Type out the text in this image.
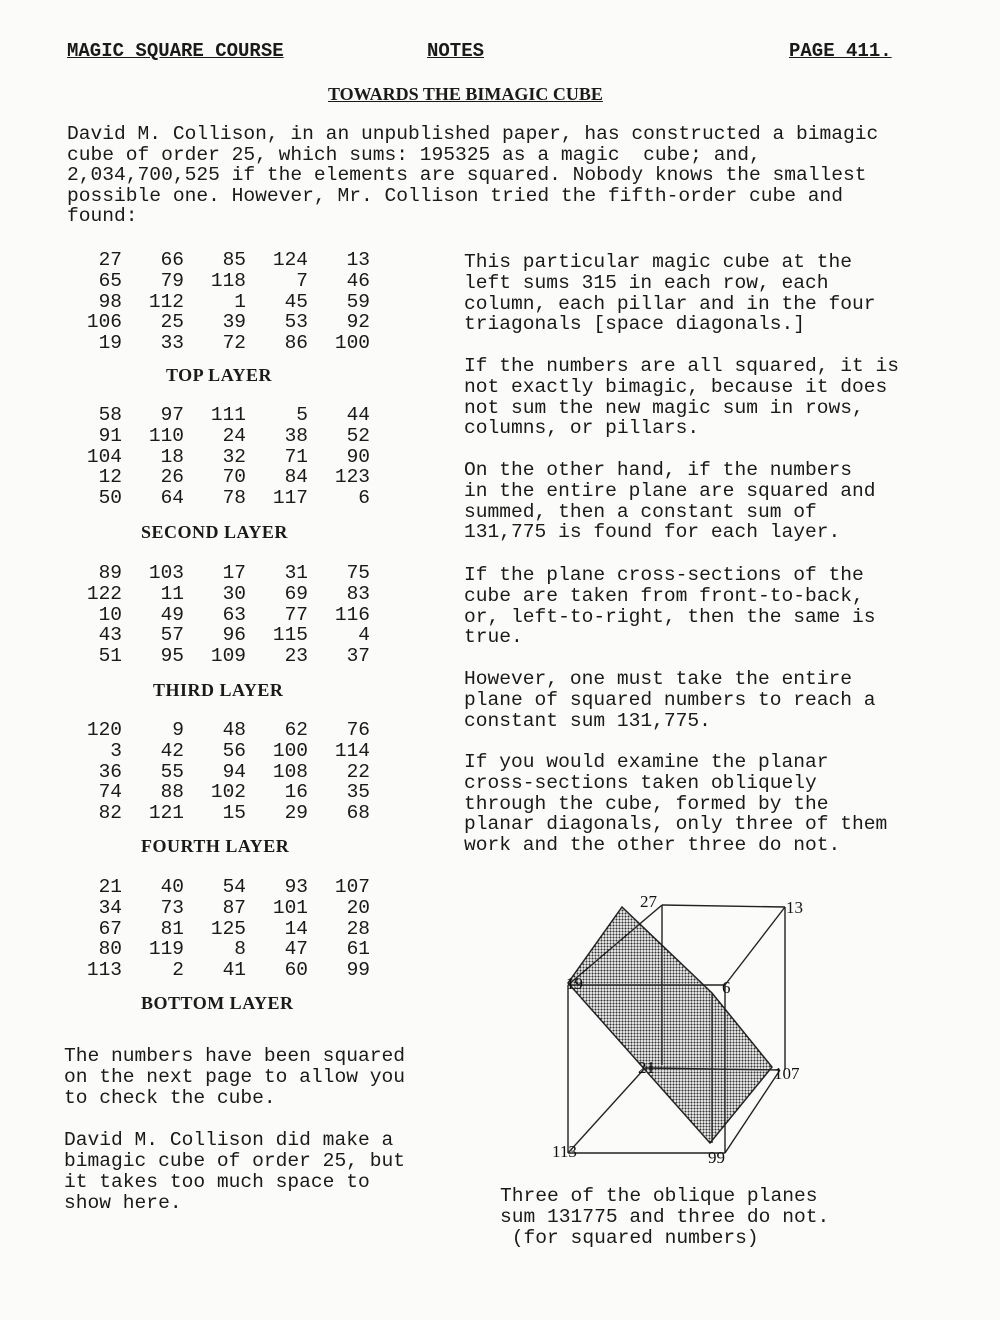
MAGIC SQUARE COURSE	NOTES	PAGE 411.
TOWARDS THE BIMAGIC CUBE

David M. Collison, in an unpublished paper, has constructed a bimagic
cube of order 25, which sums: 195325 as a magic  cube; and,
2,034,700,525 if the elements are squared. Nobody knows the smallest
possible one. However, Mr. Collison tried the fifth-order cube and
found:

27	66	85	124	13
65	79	118	7	46
98	112	1	45	59
106	25	39	53	92
19	33	72	86	100
TOP LAYER
58	97	111	5	44
91	110	24	38	52
104	18	32	71	90
12	26	70	84	123
50	64	78	117	6
SECOND LAYER
89	103	17	31	75
122	11	30	69	83
10	49	63	77	116
43	57	96	115	4
51	95	109	23	37
THIRD LAYER
120	9	48	62	76
3	42	56	100	114
36	55	94	108	22
74	88	102	16	35
82	121	15	29	68
FOURTH LAYER
21	40	54	93	107
34	73	87	101	20
67	81	125	14	28
80	119	8	47	61
113	2	41	60	99
BOTTOM LAYER

This particular magic cube at the
left sums 315 in each row, each
column, each pillar and in the four
triagonals [space diagonals.]

If the numbers are all squared, it is
not exactly bimagic, because it does
not sum the new magic sum in rows,
columns, or pillars.

On the other hand, if the numbers
in the entire plane are squared and
summed, then a constant sum of
131,775 is found for each layer.

If the plane cross-sections of the
cube are taken from front-to-back,
or, left-to-right, then the same is
true.

However, one must take the entire
plane of squared numbers to reach a
constant sum 131,775.

If you would examine the planar
cross-sections taken obliquely
through the cube, formed by the
planar diagonals, only three of them
work and the other three do not.

The numbers have been squared
on the next page to allow you
to check the cube.

David M. Collison did make a
bimagic cube of order 25, but
it takes too much space to
show here.

27	13
19	6
21	107
113	99

Three of the oblique planes
sum 131775 and three do not.
(for squared numbers)
